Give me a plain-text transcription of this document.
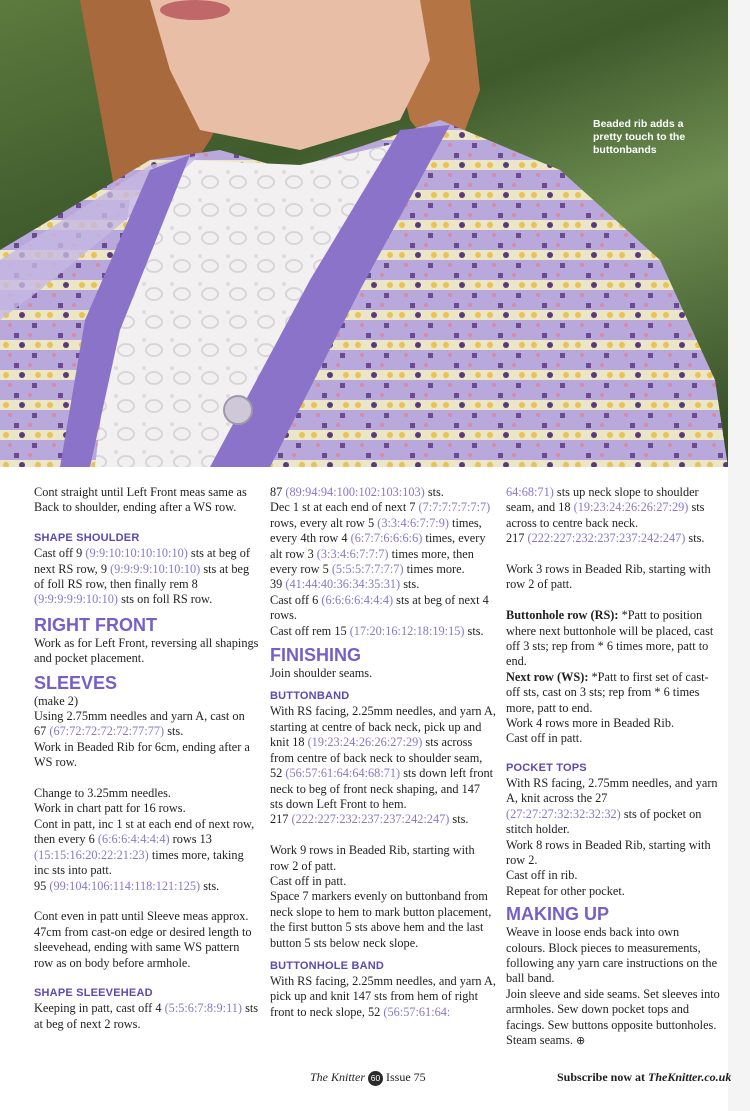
Beaded rib adds a pretty touch to the buttonbands

Cont straight until Left Front meas same as Back to shoulder, ending after a WS row.

SHAPE SHOULDER

Cast off 9 (9:9:10:10:10:10:10) sts at beg of next RS row, 9 (9:9:9:9:10:10:10) sts at beg of foll RS row, then finally rem 8 (9:9:9:9:9:10:10) sts on foll RS row.

RIGHT FRONT

Work as for Left Front, reversing all shapings and pocket placement.

SLEEVES

(make 2)

Using 2.75mm needles and yarn A, cast on 67 (67:72:72:72:72:77:77) sts.

Work in Beaded Rib for 6cm, ending after a WS row.

Change to 3.25mm needles.

Work in chart patt for 16 rows.

Cont in patt, inc 1 st at each end of next row, then every 6 (6:6:6:4:4:4:4) rows 13 (15:15:16:20:22:21:23) times more, taking inc sts into patt.

95 (99:104:106:114:118:121:125) sts.

Cont even in patt until Sleeve meas approx. 47cm from cast-on edge or desired length to sleevehead, ending with same WS pattern row as on body before armhole.

SHAPE SLEEVEHEAD

Keeping in patt, cast off 4 (5:5:6:7:8:9:11) sts at beg of next 2 rows.

87 (89:94:94:100:102:103:103) sts.

Dec 1 st at each end of next 7 (7:7:7:7:7:7:7) rows, every alt row 5 (3:3:4:6:7:7:9) times, every 4th row 4 (6:7:7:6:6:6:6) times, every alt row 3 (3:3:4:6:7:7:7) times more, then every row 5 (5:5:5:7:7:7:7) times more.

39 (41:44:40:36:34:35:31) sts.

Cast off 6 (6:6:6:6:4:4:4) sts at beg of next 4 rows.

Cast off rem 15 (17:20:16:12:18:19:15) sts.

FINISHING

Join shoulder seams.

BUTTONBAND

With RS facing, 2.25mm needles, and yarn A, starting at centre of back neck, pick up and knit 18 (19:23:24:26:26:27:29) sts across from centre of back neck to shoulder seam, 52 (56:57:61:64:64:68:71) sts down left front neck to beg of front neck shaping, and 147 sts down Left Front to hem.

217 (222:227:232:237:237:242:247) sts.

Work 9 rows in Beaded Rib, starting with row 2 of patt.

Cast off in patt.

Space 7 markers evenly on buttonband from neck slope to hem to mark button placement, the first button 5 sts above hem and the last button 5 sts below neck slope.

BUTTONHOLE BAND

With RS facing, 2.25mm needles, and yarn A, pick up and knit 147 sts from hem of right front to neck slope, 52 (56:57:61:64:

64:68:71) sts up neck slope to shoulder seam, and 18 (19:23:24:26:26:27:29) sts across to centre back neck.

217 (222:227:232:237:237:242:247) sts.

Work 3 rows in Beaded Rib, starting with row 2 of patt.

Buttonhole row (RS): *Patt to position where next buttonhole will be placed, cast off 3 sts; rep from * 6 times more, patt to end.

Next row (WS): *Patt to first set of cast-off sts, cast on 3 sts; rep from * 6 times more, patt to end.

Work 4 rows more in Beaded Rib.

Cast off in patt.

POCKET TOPS

With RS facing, 2.75mm needles, and yarn A, knit across the 27 (27:27:27:32:32:32:32) sts of pocket on stitch holder.

Work 8 rows in Beaded Rib, starting with row 2.

Cast off in rib.

Repeat for other pocket.

MAKING UP

Weave in loose ends back into own colours. Block pieces to measurements, following any yarn care instructions on the ball band.

Join sleeve and side seams. Set sleeves into armholes. Sew down pocket tops and facings. Sew buttons opposite buttonholes. Steam seams. ⊕

The Knitter 60 Issue 75	Subscribe now at TheKnitter.co.uk
